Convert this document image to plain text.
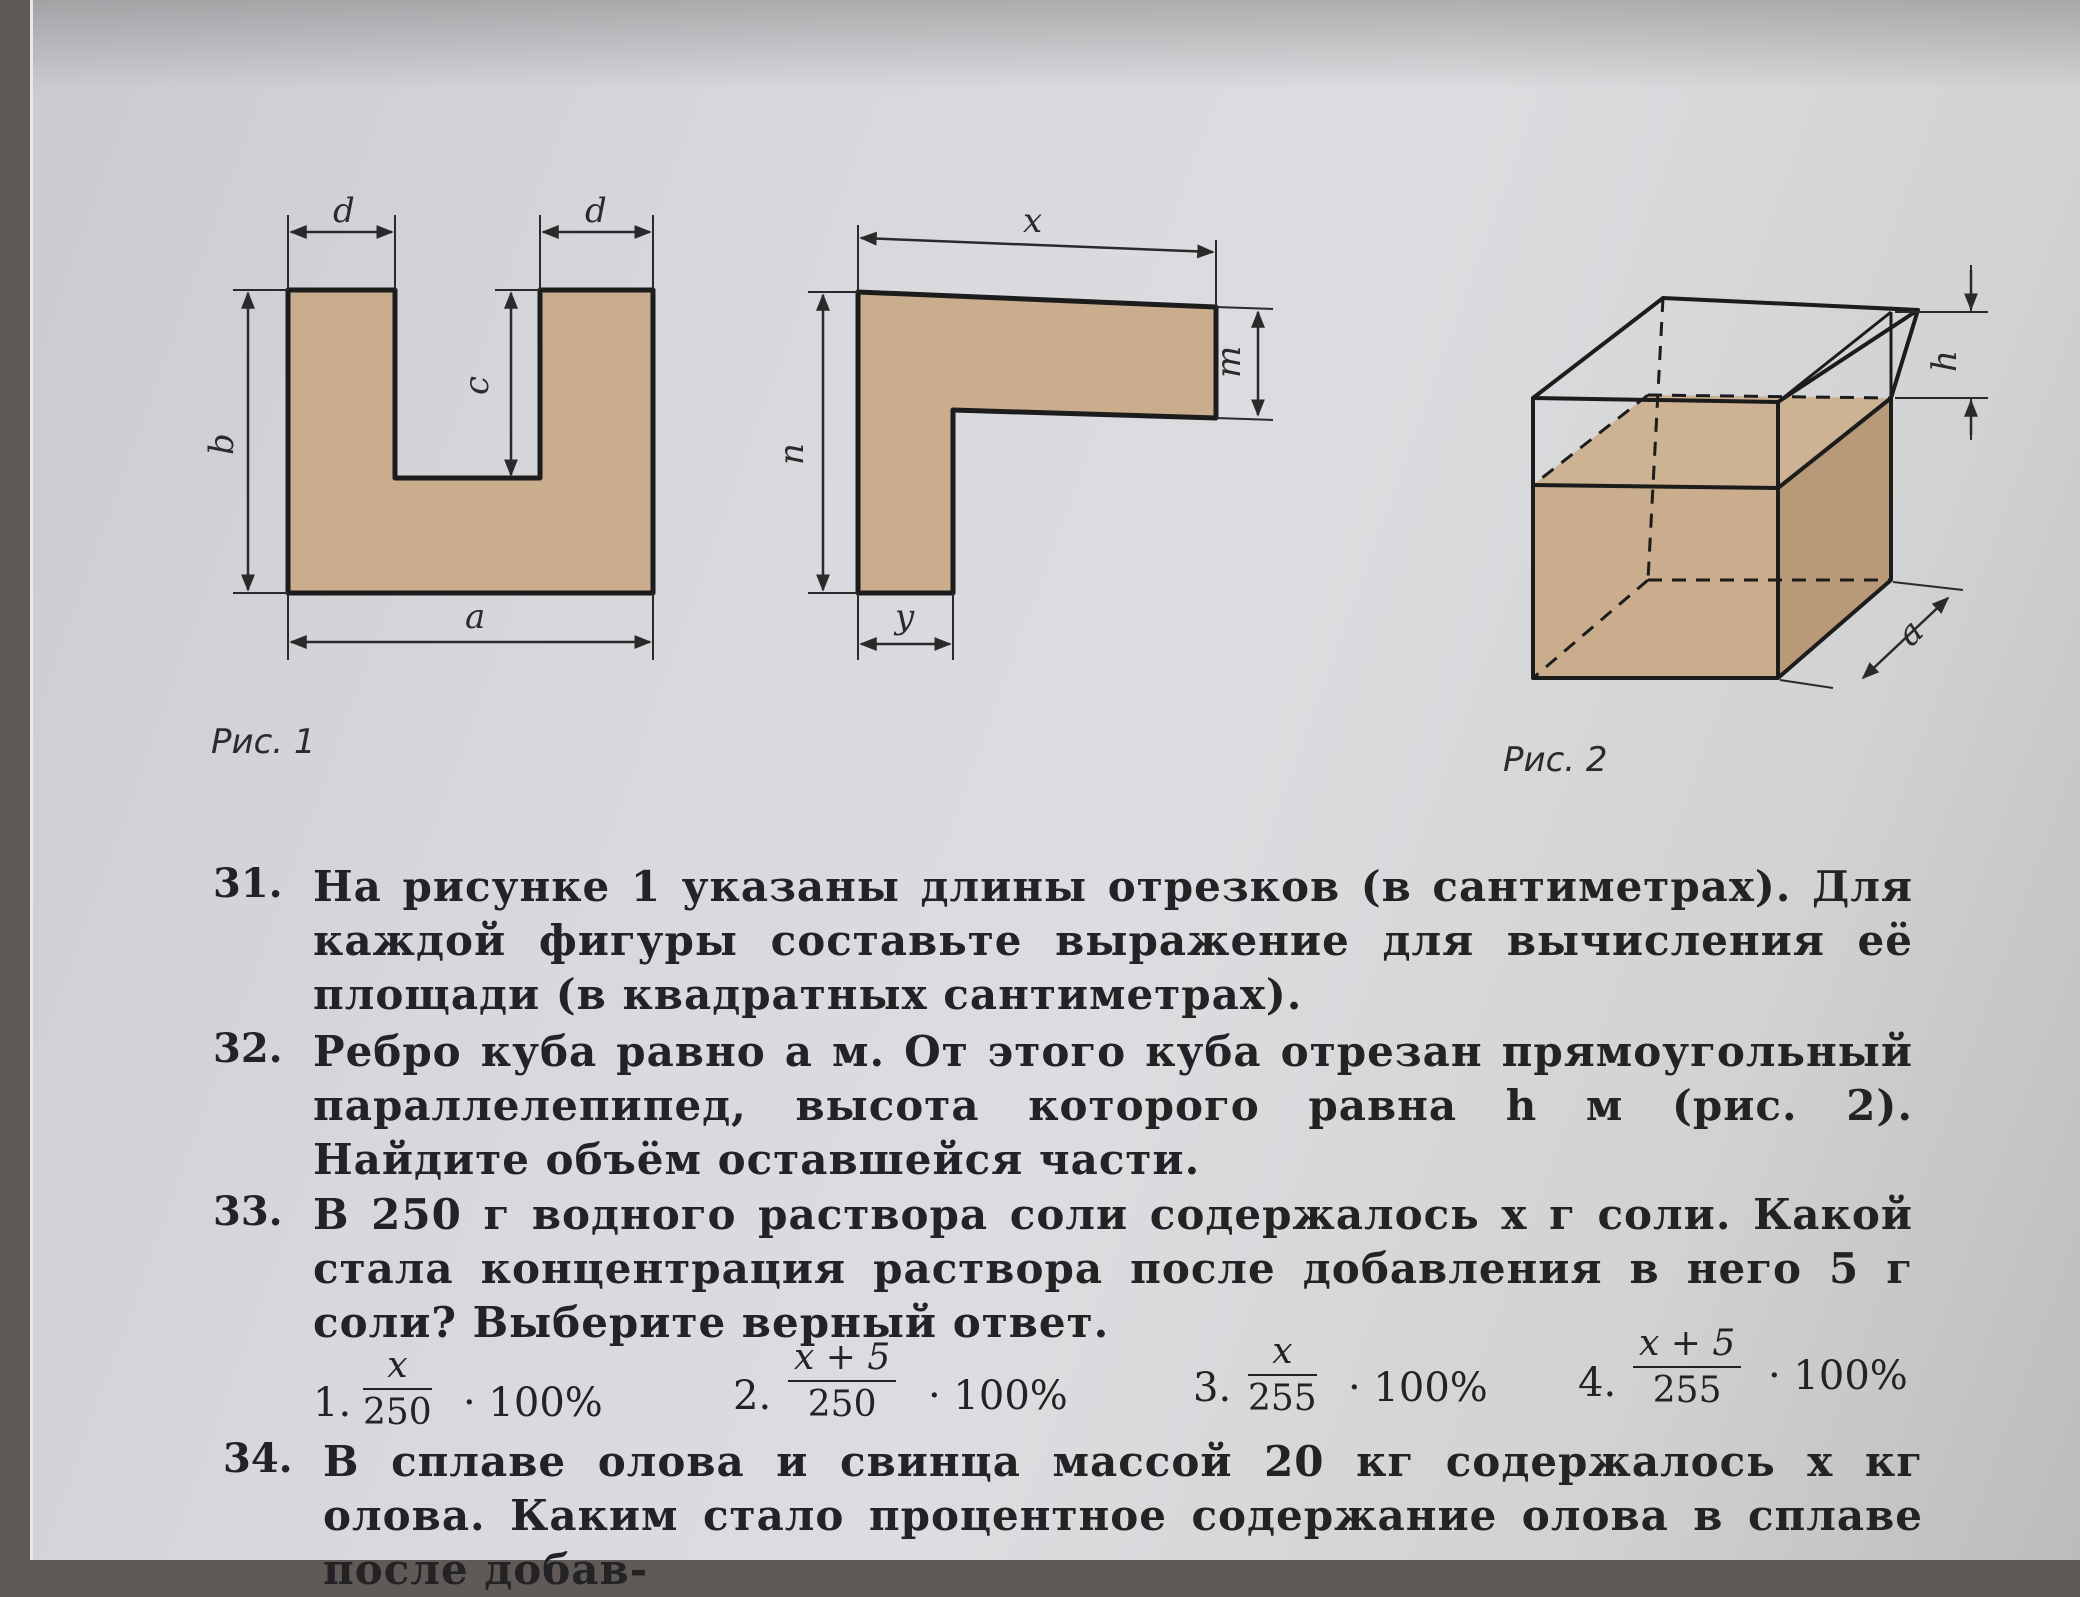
d	d
c
b
a
x
m
n
y
h
a
Рис. 1	Рис. 2
31. На рисунке 1 указаны длины отрезков (в сантиметрах). Для каждой фигуры составьте выражение для вычисления её площади (в квадратных сантиметрах).
32. Ребро куба равно a м. От этого куба отрезан прямоугольный параллелепипед, высота которого равна h м (рис. 2). Найдите объём оставшейся части.
33. В 250 г водного раствора соли содержалось x г соли. Какой стала концентрация раствора после добавления в него 5 г соли? Выберите верный ответ.
1. $\frac{x}{250} \cdot 100\%$	2. $\frac{x + 5}{250} \cdot 100\%$	3. $\frac{x}{255} \cdot 100\%$ 4. $\frac{x + 5}{255} \cdot 100\%$
34. В сплаве олова и свинца массой 20 кг содержалось x кг олова. Каким стало процентное содержание олова в сплаве после добав-
